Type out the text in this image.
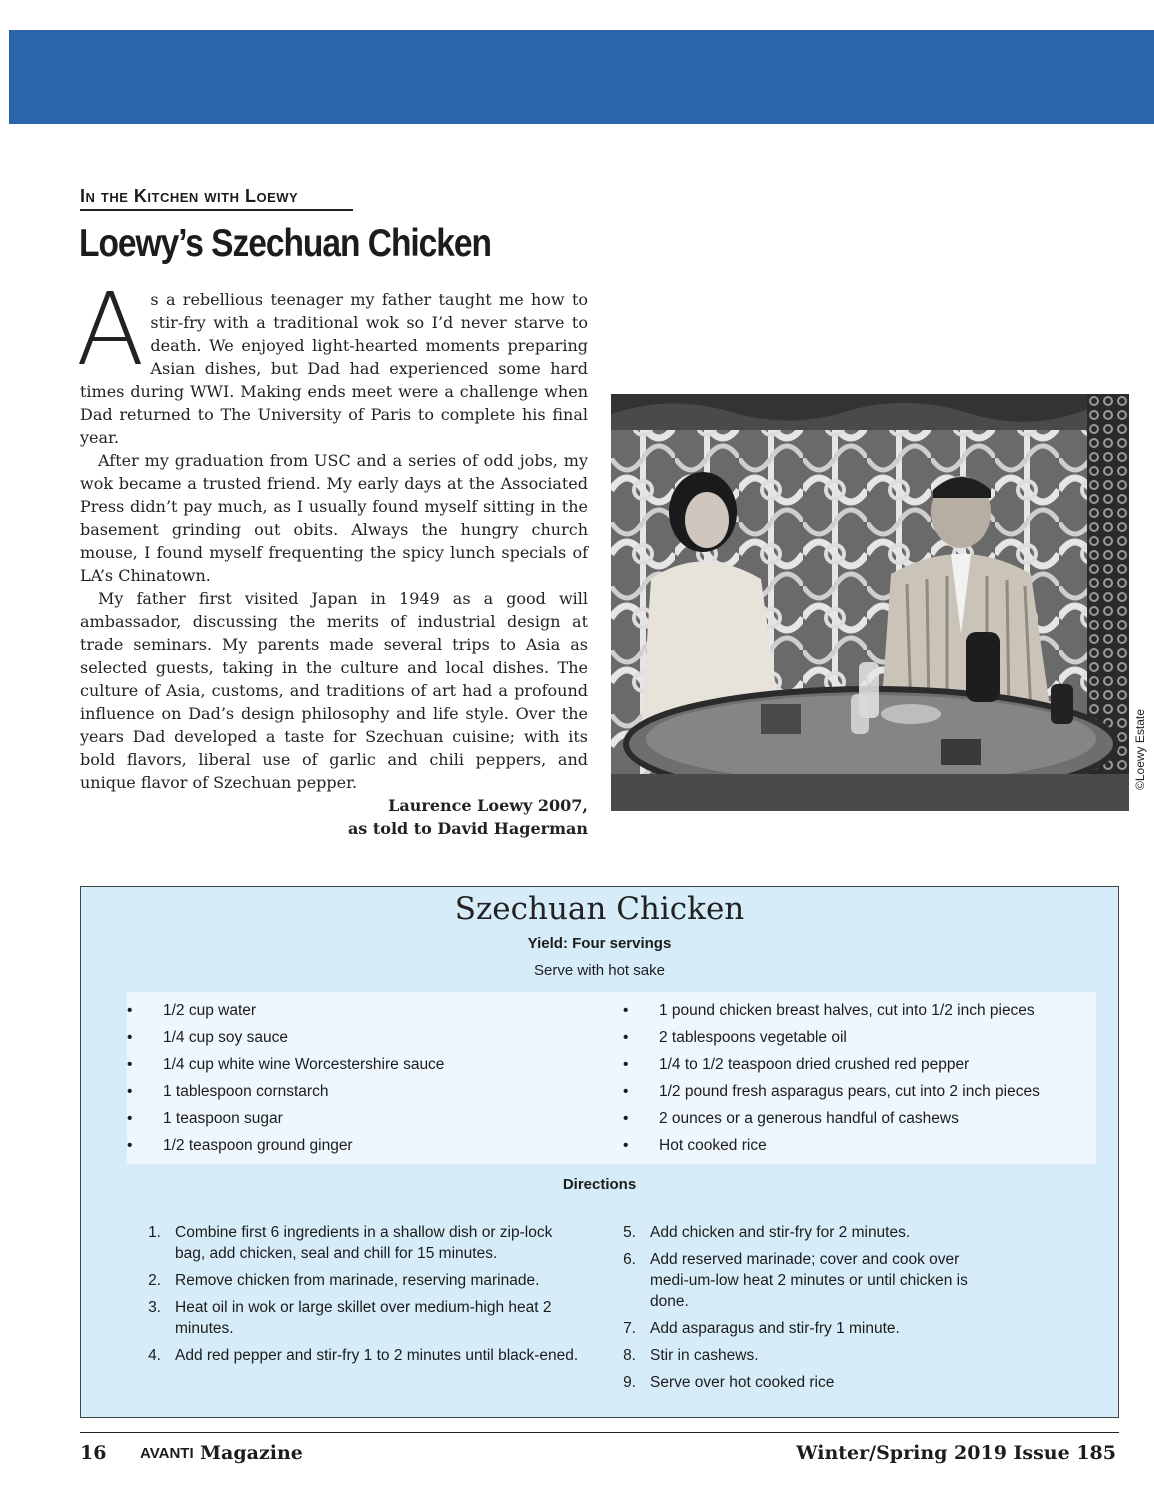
In the Kitchen with Loewy
Loewy’s Szechuan Chicken

As a rebellious teenager my father taught me how to stir-fry with a traditional wok so I’d never starve to death. We enjoyed light-hearted moments preparing Asian dishes, but Dad had experienced some hard times during WWI. Making ends meet were a challenge when Dad returned to The University of Paris to complete his final year.

After my graduation from USC and a series of odd jobs, my wok became a trusted friend. My early days at the Associated Press didn’t pay much, as I usually found myself sitting in the basement grinding out obits. Always the hungry church mouse, I found myself frequenting the spicy lunch specials of LA’s Chinatown.

My father first visited Japan in 1949 as a good will ambassador, discussing the merits of industrial design at trade seminars. My parents made several trips to Asia as selected guests, taking in the culture and local dishes. The culture of Asia, customs, and traditions of art had a profound influence on Dad’s design philosophy and life style. Over the years Dad developed a taste for Szechuan cuisine; with its bold flavors, liberal use of garlic and chili peppers, and unique flavor of Szechuan pepper.

Laurence Loewy 2007,

as told to David Hagerman

©Loewy Estate
Szechuan Chicken
Yield: Four servings
Serve with hot sake
• 1/2 cup water
• 1/4 cup soy sauce
• 1/4 cup white wine Worcestershire sauce
• 1 tablespoon cornstarch
• 1 teaspoon sugar
• 1/2 teaspoon ground ginger
• 1 pound chicken breast halves, cut into 1/2 inch pieces
• 2 tablespoons vegetable oil
• 1/4 to 1/2 teaspoon dried crushed red pepper
• 1/2 pound fresh asparagus pears, cut into 2 inch pieces
• 2 ounces or a generous handful of cashews
• Hot cooked rice
Directions
1. Combine first 6 ingredients in a shallow dish or zip-lock bag, add chicken, seal and chill for 15 minutes.
2. Remove chicken from marinade, reserving marinade.
3. Heat oil in wok or large skillet over medium-high heat 2 minutes.
4. Add red pepper and stir-fry 1 to 2 minutes until black-ened.
5. Add chicken and stir-fry for 2 minutes.
6. Add reserved marinade; cover and cook over medi-um-low heat 2 minutes or until chicken is done.
7. Add asparagus and stir-fry 1 minute.
8. Stir in cashews.
9. Serve over hot cooked rice
16 AVANTI Magazine	Winter/Spring 2019 Issue 185
